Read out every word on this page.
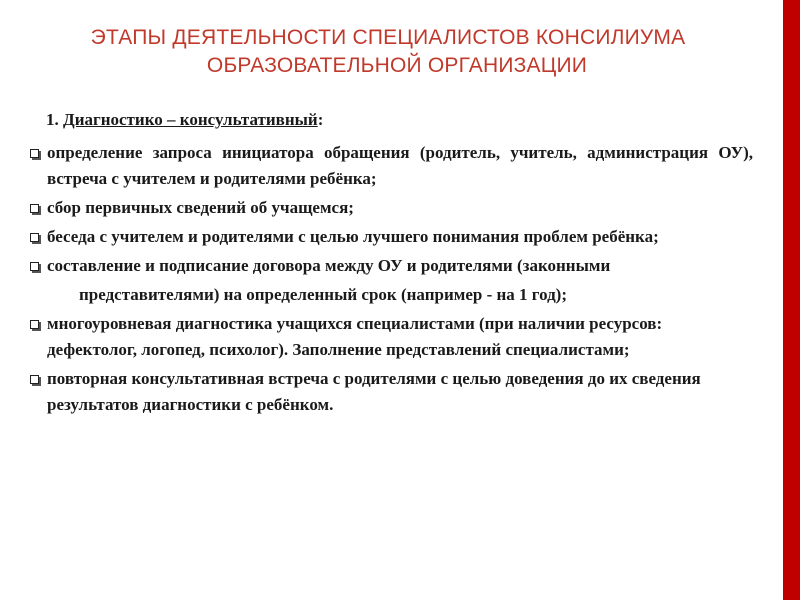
ЭТАПЫ ДЕЯТЕЛЬНОСТИ СПЕЦИАЛИСТОВ КОНСИЛИУМА
ОБРАЗОВАТЕЛЬНОЙ ОРГАНИЗАЦИИ
1. Диагностико – консультативный:
определение запроса инициатора обращения (родитель, учитель, администрация ОУ), встреча с учителем и родителями ребёнка;
сбор первичных сведений об учащемся;
беседа с учителем и родителями с целью лучшего понимания проблем ребёнка;
составление и подписание договора между ОУ и родителями (законными
представителями) на определенный срок (например - на 1 год);
многоуровневая диагностика учащихся специалистами (при наличии ресурсов: дефектолог, логопед, психолог). Заполнение представлений специалистами;
повторная консультативная встреча с родителями с целью доведения до их сведения результатов диагностики с ребёнком.
